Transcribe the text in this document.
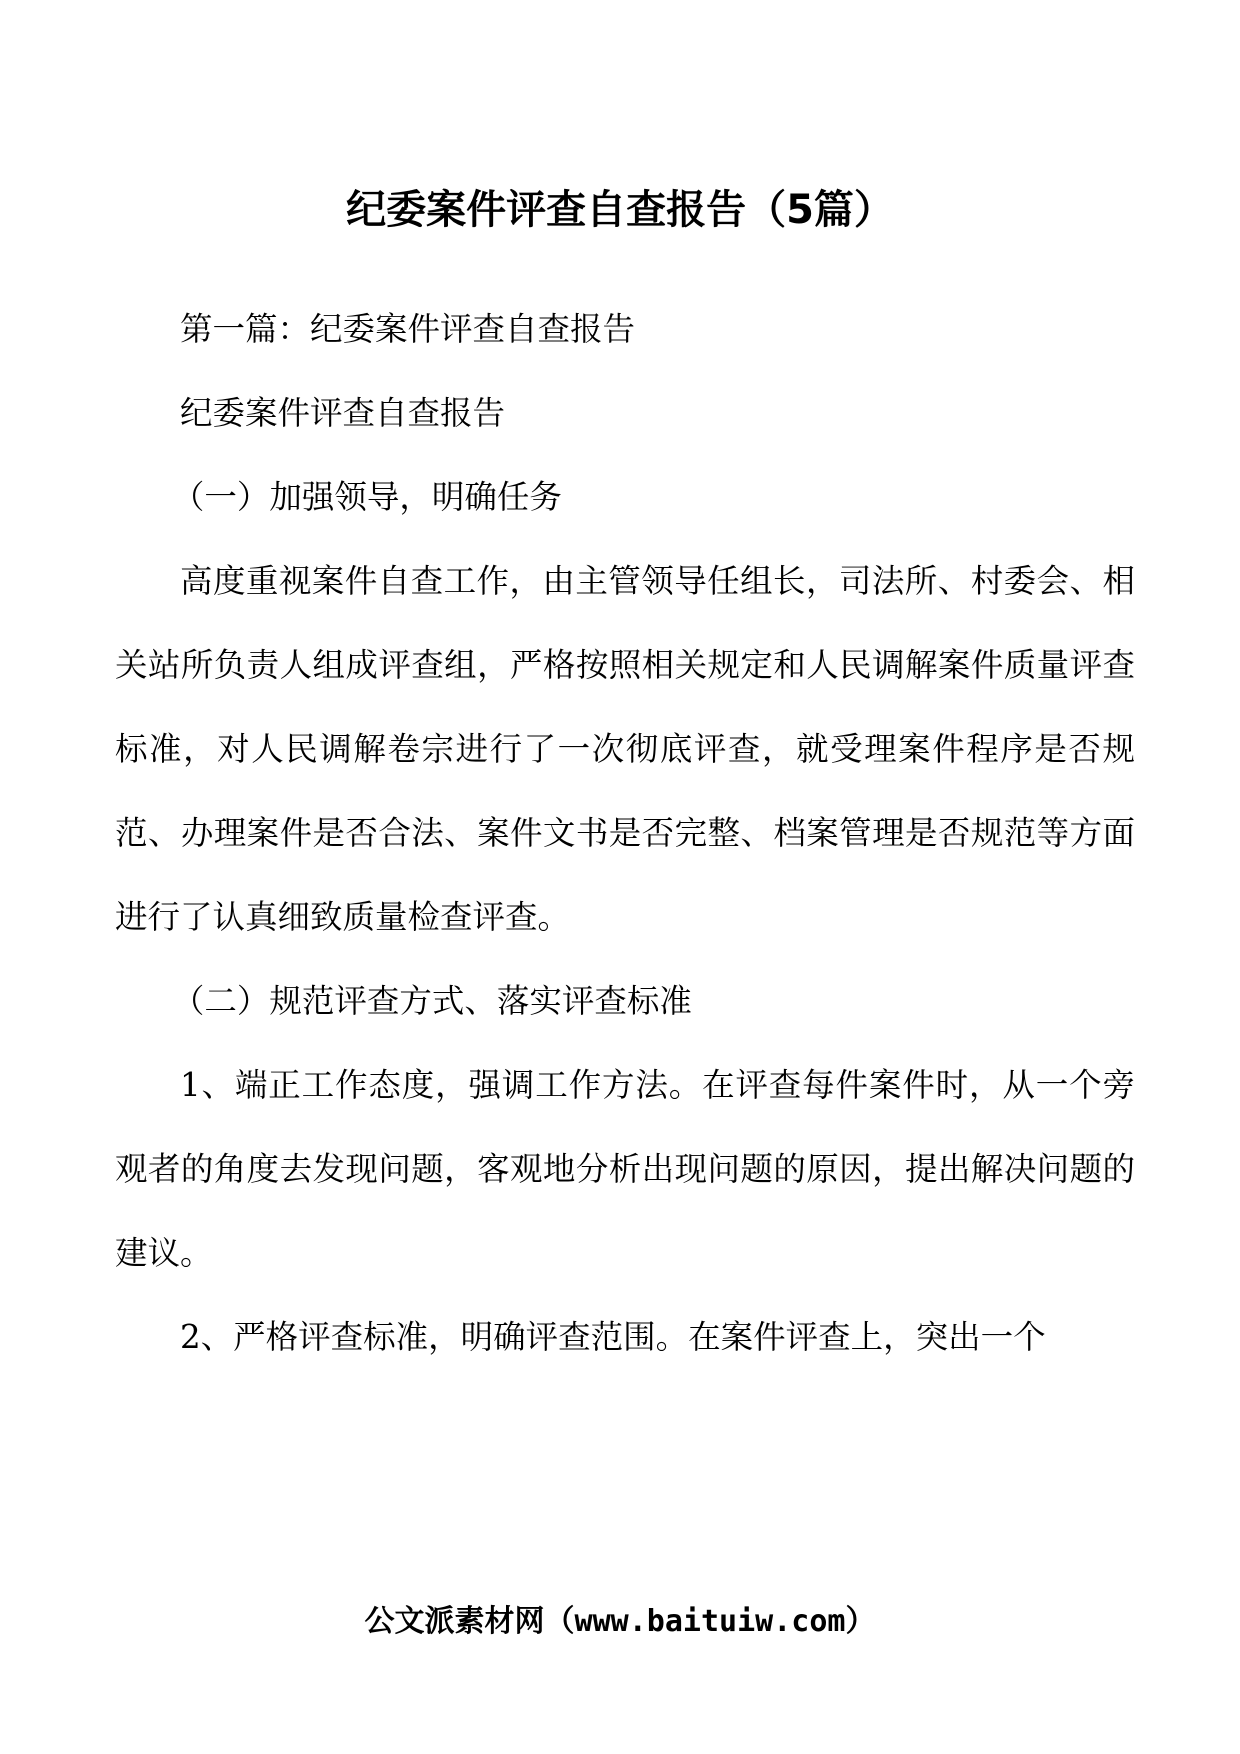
纪委案件评查自查报告（5篇）

第一篇：纪委案件评查自查报告

纪委案件评查自查报告

（一）加强领导，明确任务

高度重视案件自查工作，由主管领导任组长，司法所、村委会、相关站所负责人组成评查组，严格按照相关规定和人民调解案件质量评查标准，对人民调解卷宗进行了一次彻底评查，就受理案件程序是否规范、办理案件是否合法、案件文书是否完整、档案管理是否规范等方面进行了认真细致质量检查评查。

（二）规范评查方式、落实评查标准

1、端正工作态度，强调工作方法。在评查每件案件时，从一个旁观者的角度去发现问题，客观地分析出现问题的原因，提出解决问题的建议。

2、严格评查标准，明确评查范围。在案件评查上，突出一个

公文派素材网（www.baituiw.com）
